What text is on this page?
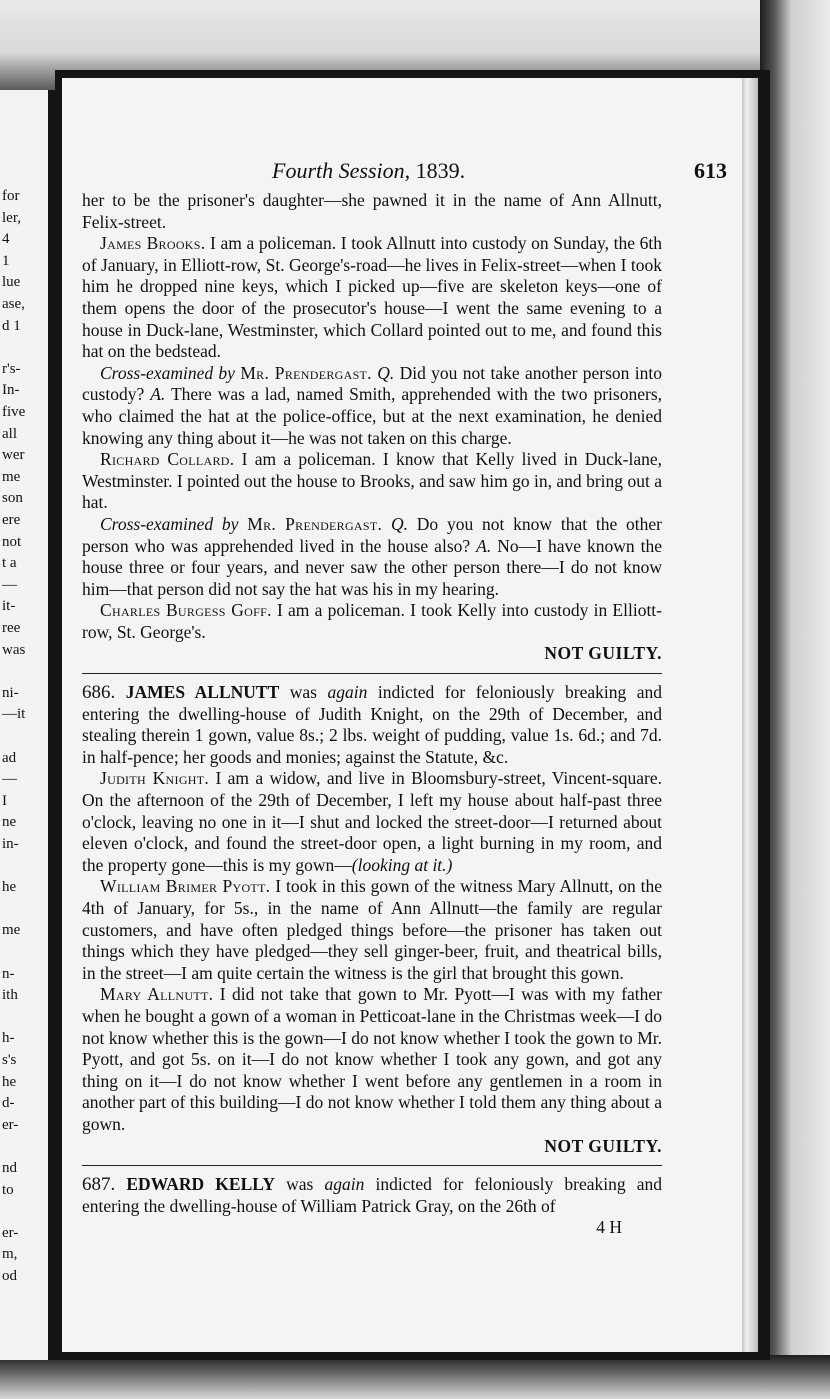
for
ler,
4
1
lue
ase,
d 1
r's-
In-
five
all
wer
me
son
ere
not
t a
—
it-
ree
was
ni-
—it
ad
—
I
ne
in-
he
me
n-
ith
h-
s's
he
d-
er-
nd
to
er-
m,
od
Fourth Session, 1839.	613

her to be the prisoner's daughter—she pawned it in the name of Ann Allnutt, Felix-street.

James Brooks. I am a policeman. I took Allnutt into custody on Sunday, the 6th of January, in Elliott-row, St. George's-road—he lives in Felix-street—when I took him he dropped nine keys, which I picked up—five are skeleton keys—one of them opens the door of the prosecutor's house—I went the same evening to a house in Duck-lane, Westminster, which Collard pointed out to me, and found this hat on the bedstead.

Cross-examined by Mr. Prendergast. Q. Did you not take another person into custody? A. There was a lad, named Smith, apprehended with the two prisoners, who claimed the hat at the police-office, but at the next examination, he denied knowing any thing about it—he was not taken on this charge.

Richard Collard. I am a policeman. I know that Kelly lived in Duck-lane, Westminster. I pointed out the house to Brooks, and saw him go in, and bring out a hat.

Cross-examined by Mr. Prendergast. Q. Do you not know that the other person who was apprehended lived in the house also? A. No—I have known the house three or four years, and never saw the other person there—I do not know him—that person did not say the hat was his in my hearing.

Charles Burgess Goff. I am a policeman. I took Kelly into custody in Elliott-row, St. George's.

NOT GUILTY.

686. JAMES ALLNUTT was again indicted for feloniously breaking and entering the dwelling-house of Judith Knight, on the 29th of December, and stealing therein 1 gown, value 8s.; 2 lbs. weight of pudding, value 1s. 6d.; and 7d. in half-pence; her goods and monies; against the Statute, &c.

Judith Knight. I am a widow, and live in Bloomsbury-street, Vincent-square. On the afternoon of the 29th of December, I left my house about half-past three o'clock, leaving no one in it—I shut and locked the street-door—I returned about eleven o'clock, and found the street-door open, a light burning in my room, and the property gone—this is my gown—(looking at it.)

William Brimer Pyott. I took in this gown of the witness Mary Allnutt, on the 4th of January, for 5s., in the name of Ann Allnutt—the family are regular customers, and have often pledged things before—the prisoner has taken out things which they have pledged—they sell ginger-beer, fruit, and theatrical bills, in the street—I am quite certain the witness is the girl that brought this gown.

Mary Allnutt. I did not take that gown to Mr. Pyott—I was with my father when he bought a gown of a woman in Petticoat-lane in the Christmas week—I do not know whether this is the gown—I do not know whether I took the gown to Mr. Pyott, and got 5s. on it—I do not know whether I took any gown, and got any thing on it—I do not know whether I went before any gentlemen in a room in another part of this building—I do not know whether I told them any thing about a gown.

NOT GUILTY.

687. EDWARD KELLY was again indicted for feloniously breaking and entering the dwelling-house of William Patrick Gray, on the 26th of

4 H
